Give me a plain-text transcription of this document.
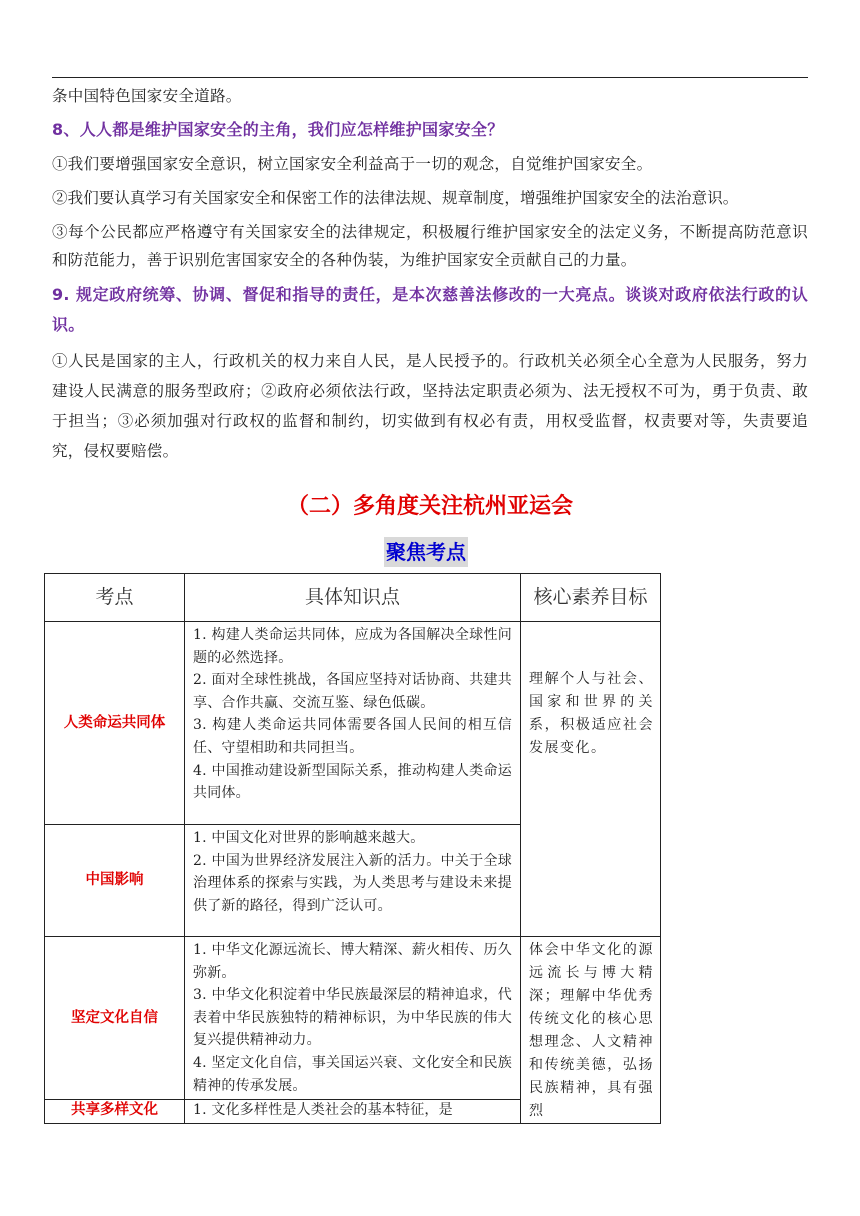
条中国特色国家安全道路。

8、人人都是维护国家安全的主角，我们应怎样维护国家安全？

①我们要增强国家安全意识，树立国家安全利益高于一切的观念，自觉维护国家安全。

②我们要认真学习有关国家安全和保密工作的法律法规、规章制度，增强维护国家安全的法治意识。

③每个公民都应严格遵守有关国家安全的法律规定，积极履行维护国家安全的法定义务，不断提高防范意识和防范能力，善于识别危害国家安全的各种伪装，为维护国家安全贡献自己的力量。

9. 规定政府统筹、协调、督促和指导的责任，是本次慈善法修改的一大亮点。谈谈对政府依法行政的认识。

①人民是国家的主人，行政机关的权力来自人民，是人民授予的。行政机关必须全心全意为人民服务，努力建设人民满意的服务型政府；②政府必须依法行政，坚持法定职责必须为、法无授权不可为，勇于负责、敢于担当；③必须加强对行政权的监督和制约，切实做到有权必有责，用权受监督，权责要对等，失责要追究，侵权要赔偿。

（二）多角度关注杭州亚运会
聚焦考点
考点	具体知识点	核心素养目标
人类命运共同体	1. 构建人类命运共同体，应成为各国解决全球性问题的必然选择。
2. 面对全球性挑战，各国应坚持对话协商、共建共享、合作共赢、交流互鉴、绿色低碳。
3. 构建人类命运共同体需要各国人民间的相互信任、守望相助和共同担当。
4. 中国推动建设新型国际关系，推动构建人类命运共同体。	理解个人与社会、国家和世界的关系，积极适应社会发展变化。
中国影响	1. 中国文化对世界的影响越来越大。
2. 中国为世界经济发展注入新的活力。中关于全球治理体系的探索与实践，为人类思考与建设未来提供了新的路径，得到广泛认可。	

坚定文化自信	1. 中华文化源远流长、博大精深、薪火相传、历久弥新。
3. 中华文化积淀着中华民族最深层的精神追求，代表着中华民族独特的精神标识，为中华民族的伟大复兴提供精神动力。
4. 坚定文化自信，事关国运兴衰、文化安全和民族精神的传承发展。	体会中华文化的源远流长与博大精深；理解中华优秀传统文化的核心思想理念、人文精神和传统美德，弘扬民族精神，具有强烈
共享多样文化	1. 文化多样性是人类社会的基本特征，是	
